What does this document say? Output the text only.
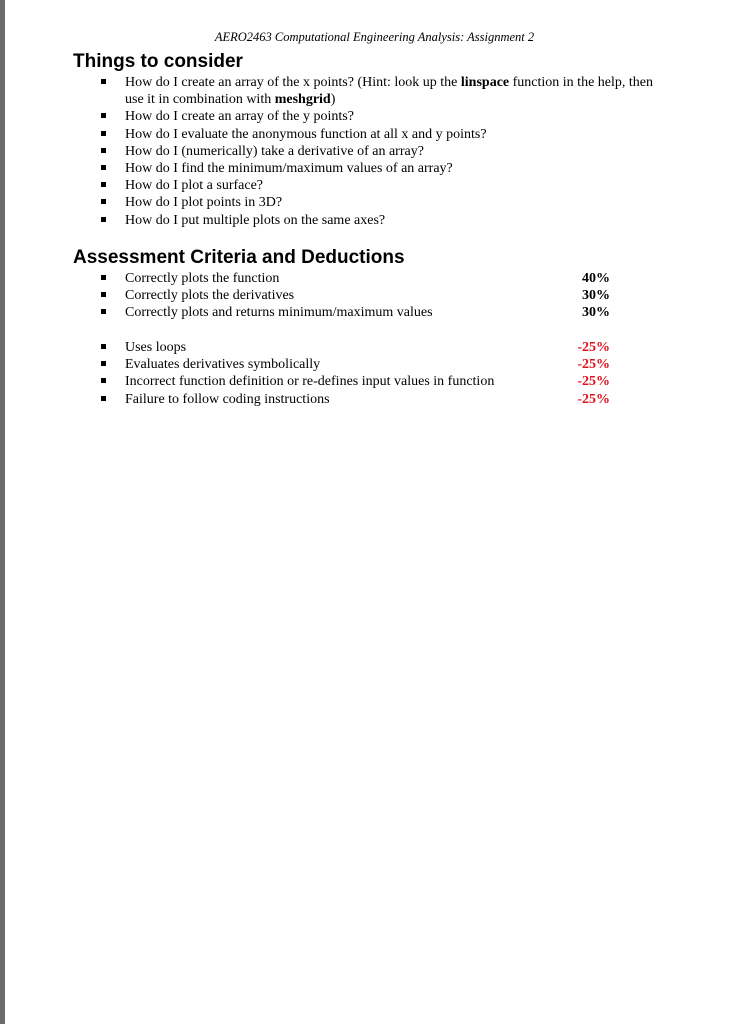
AERO2463 Computational Engineering Analysis: Assignment 2
Things to consider
How do I create an array of the x points? (Hint: look up the linspace function in the help, then use it in combination with meshgrid)
How do I create an array of the y points?
How do I evaluate the anonymous function at all x and y points?
How do I (numerically) take a derivative of an array?
How do I find the minimum/maximum values of an array?
How do I plot a surface?
How do I plot points in 3D?
How do I put multiple plots on the same axes?
Assessment Criteria and Deductions
Correctly plots the function	40%
Correctly plots the derivatives	30%
Correctly plots and returns minimum/maximum values	30%
Uses loops	-25%
Evaluates derivatives symbolically	-25%
Incorrect function definition or re-defines input values in function	-25%
Failure to follow coding instructions	-25%
